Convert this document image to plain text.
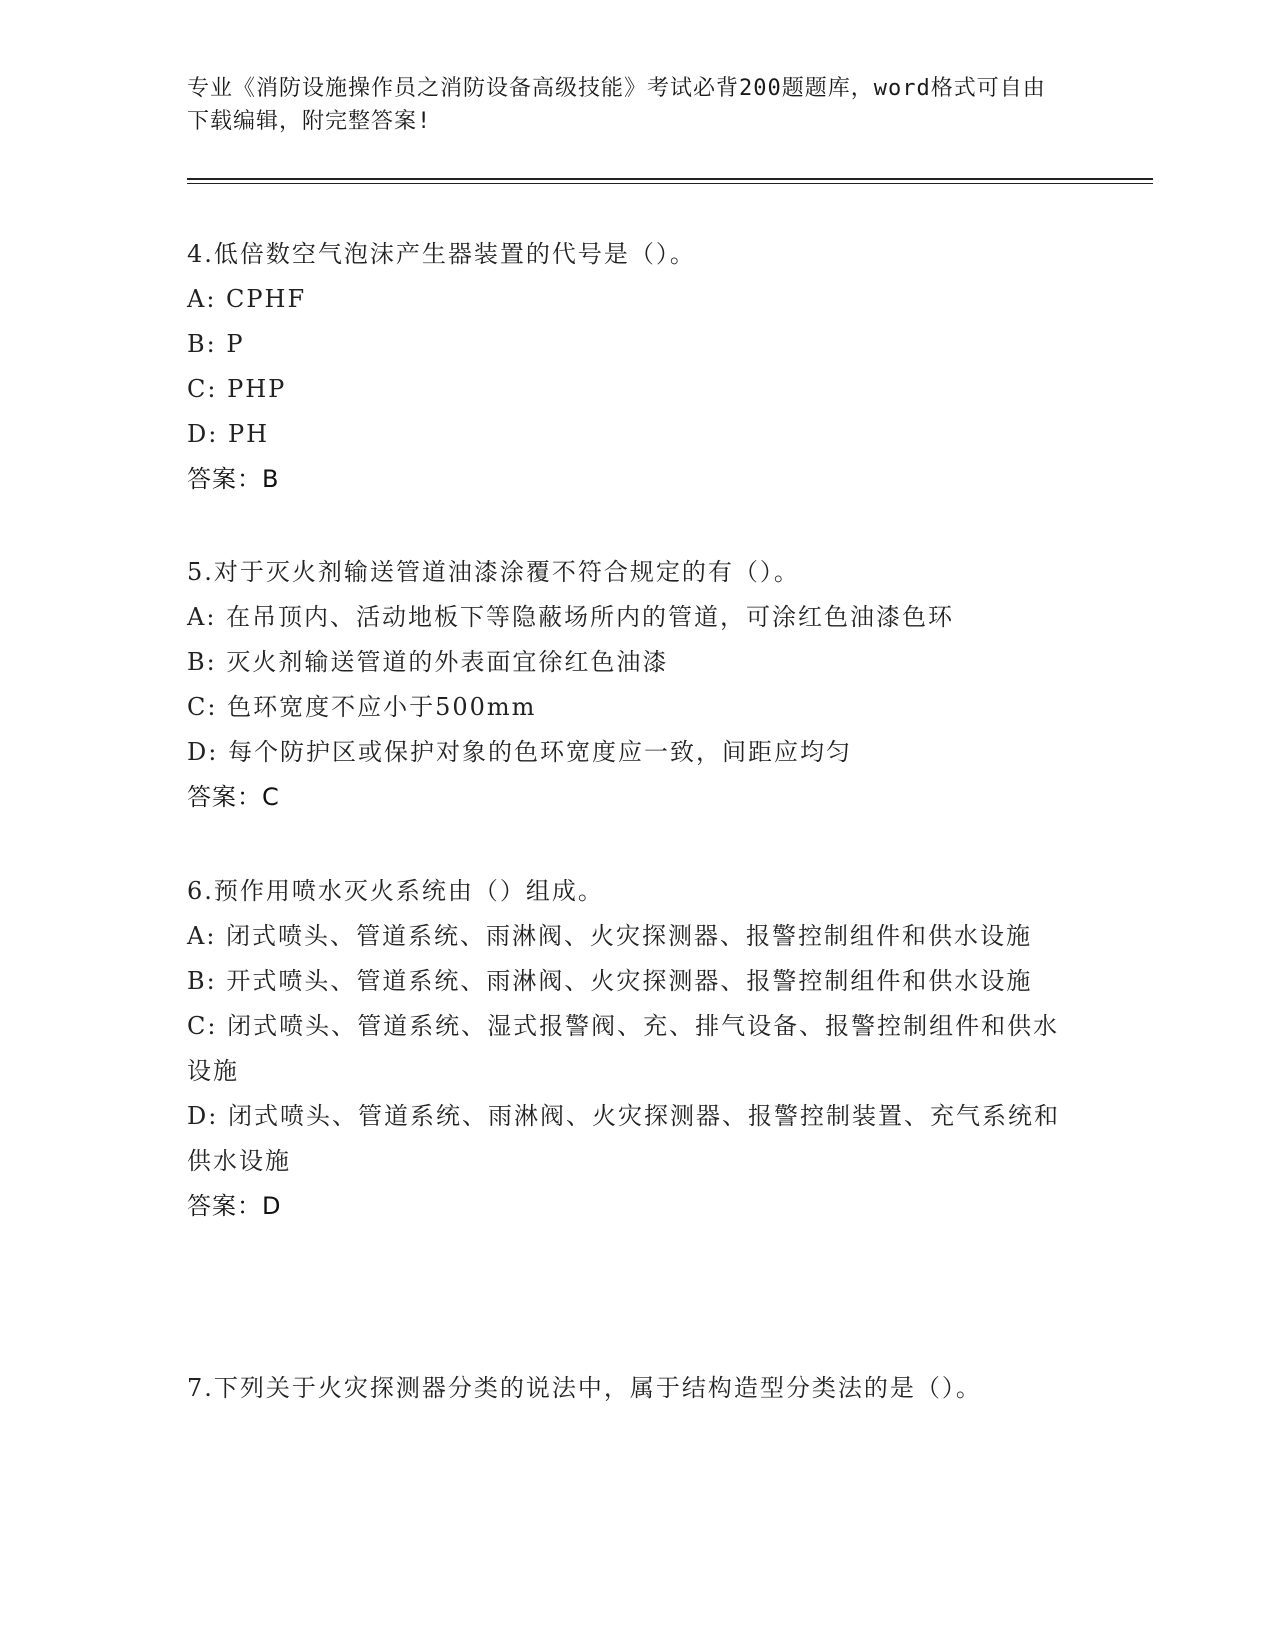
专业《消防设施操作员之消防设备高级技能》考试必背200题题库，word格式可自由下载编辑，附完整答案!
4.低倍数空气泡沫产生器装置的代号是（）。
A: CPHF
B: P
C: PHP
D: PH
答案：B
5.对于灭火剂输送管道油漆涂覆不符合规定的有（）。
A: 在吊顶内、活动地板下等隐蔽场所内的管道，可涂红色油漆色环
B: 灭火剂输送管道的外表面宜徐红色油漆
C: 色环宽度不应小于500mm
D: 每个防护区或保护对象的色环宽度应一致，间距应均匀
答案：C
6.预作用喷水灭火系统由（）组成。
A: 闭式喷头、管道系统、雨淋阀、火灾探测器、报警控制组件和供水设施
B: 开式喷头、管道系统、雨淋阀、火灾探测器、报警控制组件和供水设施
C: 闭式喷头、管道系统、湿式报警阀、充、排气设备、报警控制组件和供水设施
D: 闭式喷头、管道系统、雨淋阀、火灾探测器、报警控制装置、充气系统和供水设施
答案：D
7.下列关于火灾探测器分类的说法中，属于结构造型分类法的是（）。
